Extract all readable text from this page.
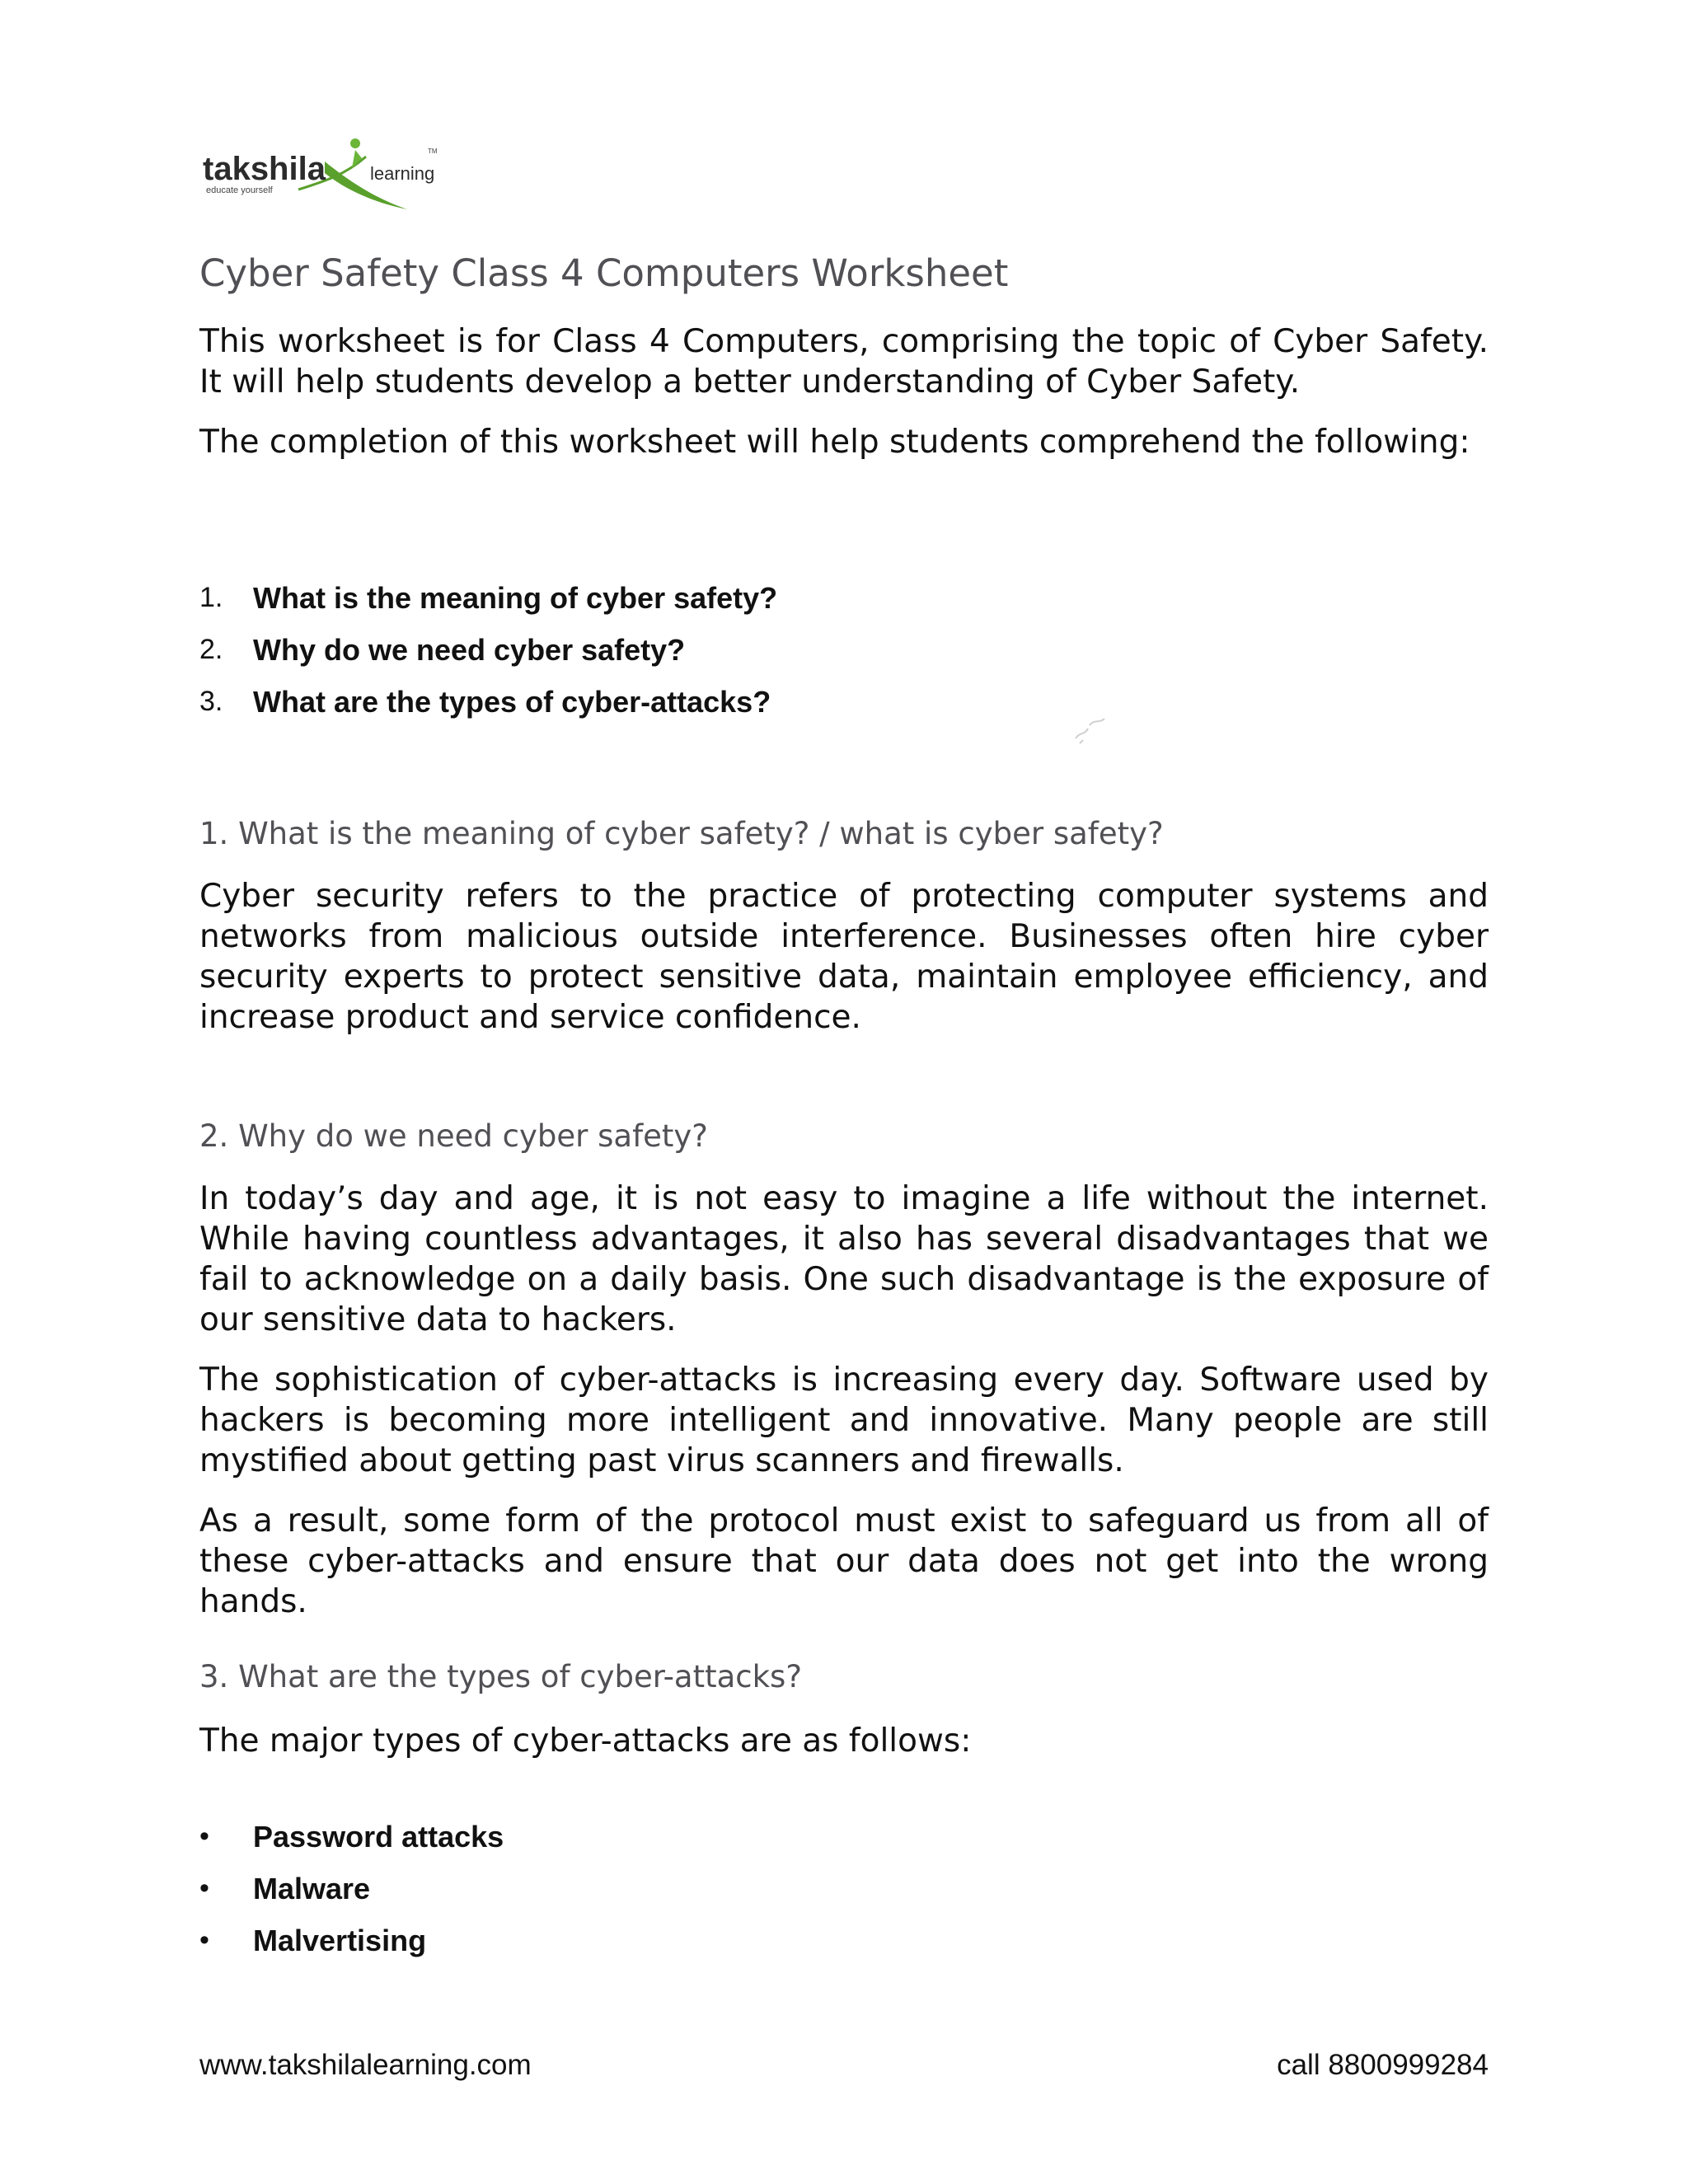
takshila learning
educate yourself
TM
Cyber Safety Class 4 Computers Worksheet

This worksheet is for Class 4 Computers, comprising the topic of Cyber Safety. It will help students develop a better understanding of Cyber Safety.

The completion of this worksheet will help students comprehend the following:

1.	What is the meaning of cyber safety?
2.	Why do we need cyber safety?
3.	What are the types of cyber-attacks?
1. What is the meaning of cyber safety? / what is cyber safety?

Cyber security refers to the practice of protecting computer systems and networks from malicious outside interference. Businesses often hire cyber security experts to protect sensitive data, maintain employee efficiency, and increase product and service confidence.

2. Why do we need cyber safety?

In today’s day and age, it is not easy to imagine a life without the internet. While having countless advantages, it also has several disadvantages that we fail to acknowledge on a daily basis. One such disadvantage is the exposure of our sensitive data to hackers.

The sophistication of cyber-attacks is increasing every day. Software used by hackers is becoming more intelligent and innovative. Many people are still mystified about getting past virus scanners and firewalls.

As a result, some form of the protocol must exist to safeguard us from all of these cyber-attacks and ensure that our data does not get into the wrong hands.

3. What are the types of cyber-attacks?

The major types of cyber-attacks are as follows:

•	Password attacks
•	Malware
•	Malvertising
www.takshilalearning.com	call 8800999284
